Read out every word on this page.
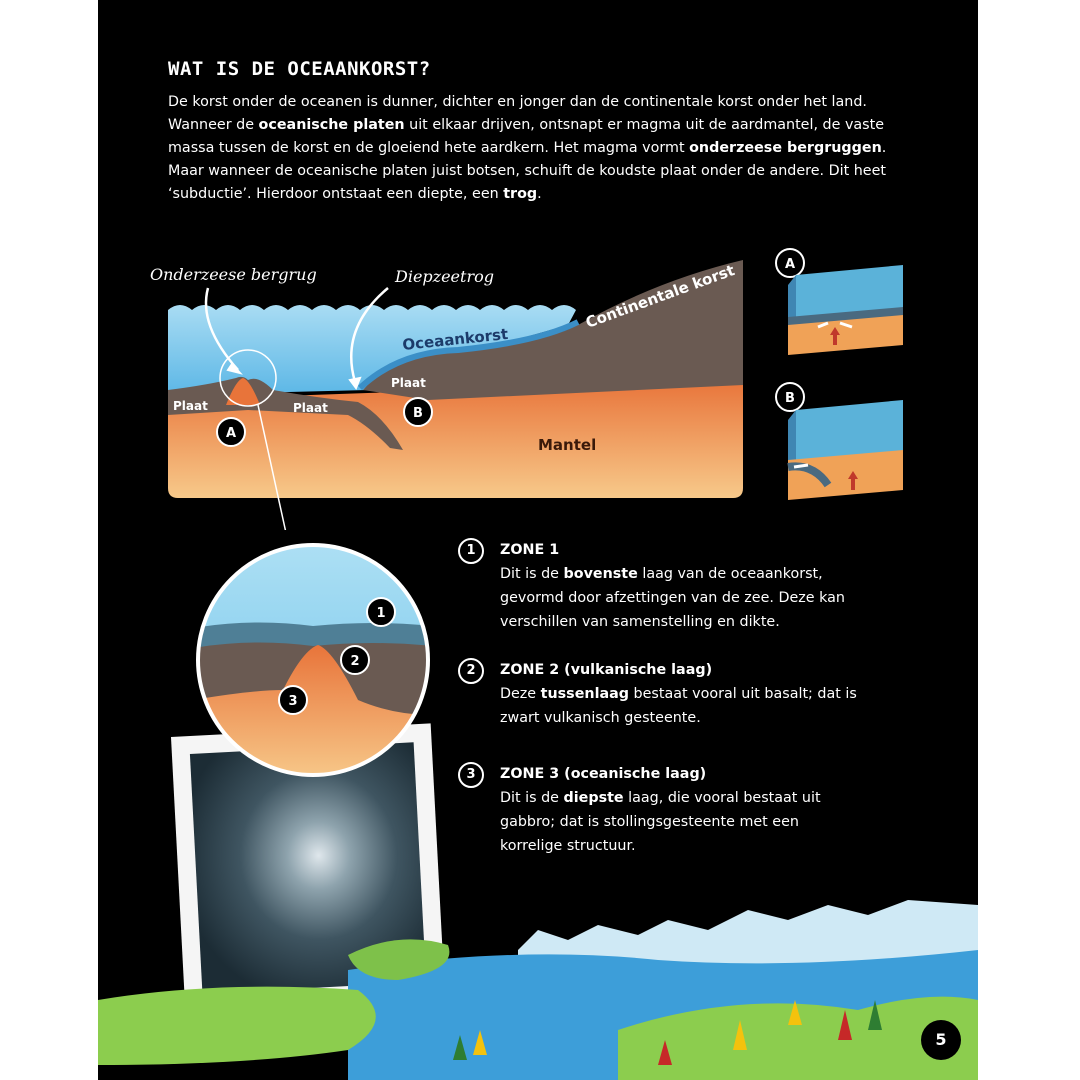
WAT IS DE OCEAANKORST?
De korst onder de oceanen is dunner, dichter en jonger dan de continentale korst onder het land. Wanneer de oceanische platen uit elkaar drijven, ontsnapt er magma uit de aardmantel, de vaste massa tussen de korst en de gloeiend hete aardkern. Het magma vormt onderzeese bergruggen. Maar wanneer de oceanische platen juist botsen, schuift de koudste plaat onder de andere. Dit heet ‘subductie’. Hierdoor ontstaat een diepte, een trog.
Onderzeese bergrug	Diepzeetrog
Oceaankorst
Continentale korst
Plaat	Plaat
Plaat
Mantel
A
B
A
B
1
2
3
1	ZONE 1
Dit is de bovenste laag van de oceaankorst, gevormd door afzettingen van de zee. Deze kan verschillen van samenstelling en dikte.
2	ZONE 2 (vulkanische laag)
Deze tussenlaag bestaat vooral uit basalt; dat is zwart vulkanisch gesteente.
3	ZONE 3 (oceanische laag)
Dit is de diepste laag, die vooral bestaat uit gabbro; dat is stollingsgesteente met een korrelige structuur.
5
